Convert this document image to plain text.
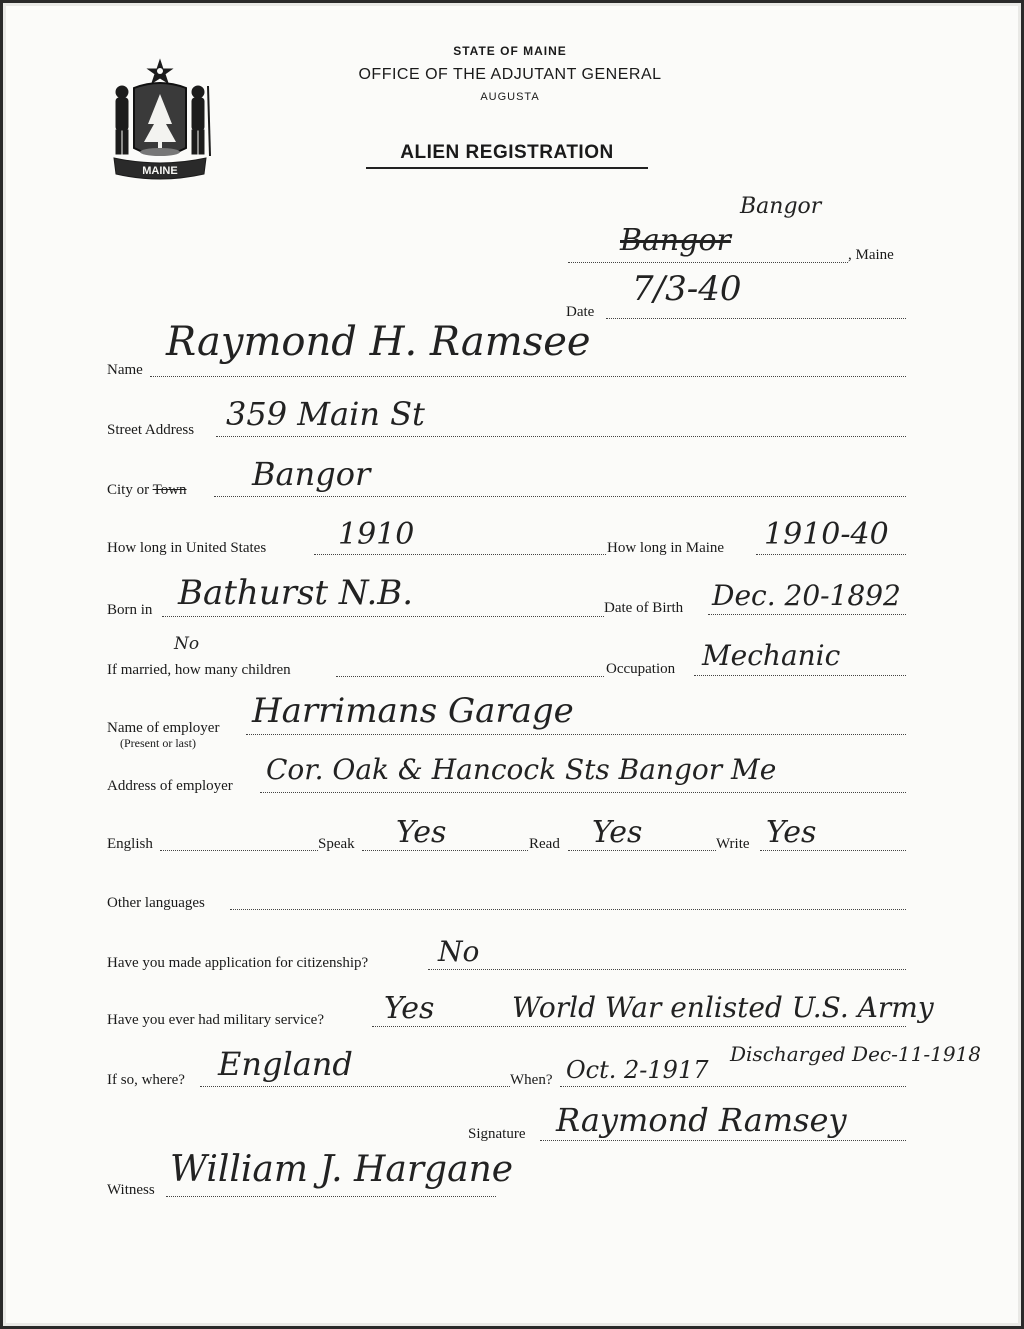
MAINE
STATE OF MAINE
OFFICE OF THE ADJUTANT GENERAL
AUGUSTA
ALIEN REGISTRATION
Bangor
Bangor
, Maine
Date
7/3-40
Name
Raymond H. Ramsee
Street Address 359 Main St
City or Town Bangor
How long in United States 1910	How long in Maine 1910-40
Born in Bathurst N.B.	Date of Birth Dec. 20-1892
If married, how many children
No
Occupation Mechanic
Name of employer
(Present or last)
Harrimans Garage
Address of employer Cor. Oak & Hancock Sts Bangor Me
English	Speak Yes	Read Yes	Write Yes
Other languages
Have you made application for citizenship? No
Have you ever had military service? Yes	World War enlisted U.S. Army
If so, where? England	When? Oct. 2-1917
Discharged Dec-11-1918
Signature Raymond Ramsey
Witness William J. Hargane
